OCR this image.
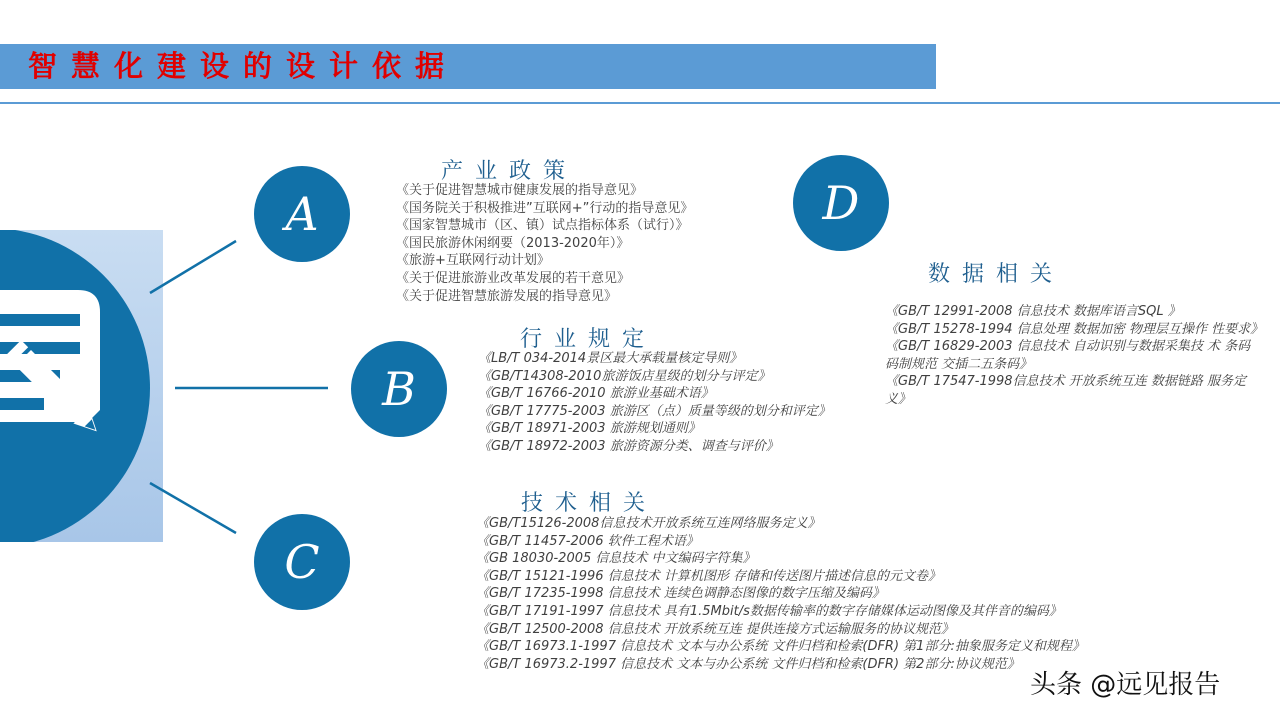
智慧化建设的设计依据
A
B
C
D
产业政策
《关于促进智慧城市健康发展的指导意见》
《国务院关于积极推进”互联网+”行动的指导意见》
《国家智慧城市（区、镇）试点指标体系（试行）》
《国民旅游休闲纲要（2013-2020年）》
《旅游+互联网行动计划》
《关于促进旅游业改革发展的若干意见》
《关于促进智慧旅游发展的指导意见》
行业规定
《LB/T 034-2014景区最大承载量核定导则》
《GB/T14308-2010旅游饭店星级的划分与评定》
《GB/T 16766-2010 旅游业基础术语》
《GB/T 17775-2003 旅游区（点）质量等级的划分和评定》
《GB/T 18971-2003 旅游规划通则》
《GB/T 18972-2003 旅游资源分类、调查与评价》
技术相关
《GB/T15126-2008信息技术开放系统互连网络服务定义》
《GB/T 11457-2006 软件工程术语》
《GB 18030-2005 信息技术 中文编码字符集》
《GB/T 15121-1996 信息技术 计算机图形 存储和传送图片描述信息的元文卷》
《GB/T 17235-1998 信息技术 连续色调静态图像的数字压缩及编码》
《GB/T 17191-1997 信息技术 具有1.5Mbit/s数据传输率的数字存储媒体运动图像及其伴音的编码》
《GB/T 12500-2008 信息技术 开放系统互连 提供连接方式运输服务的协议规范》
《GB/T 16973.1-1997 信息技术 文本与办公系统 文件归档和检索(DFR) 第1部分:抽象服务定义和规程》
《GB/T 16973.2-1997 信息技术 文本与办公系统 文件归档和检索(DFR) 第2部分:协议规范》
数据相关
《GB/T 12991-2008 信息技术 数据库语言SQL 》
《GB/T 15278-1994 信息处理 数据加密 物理层互操作 性要求》
《GB/T 16829-2003 信息技术 自动识别与数据采集技 术 条码码制规范 交插二五条码》
《GB/T 17547-1998信息技术 开放系统互连 数据链路 服务定义》
头条 @远见报告
